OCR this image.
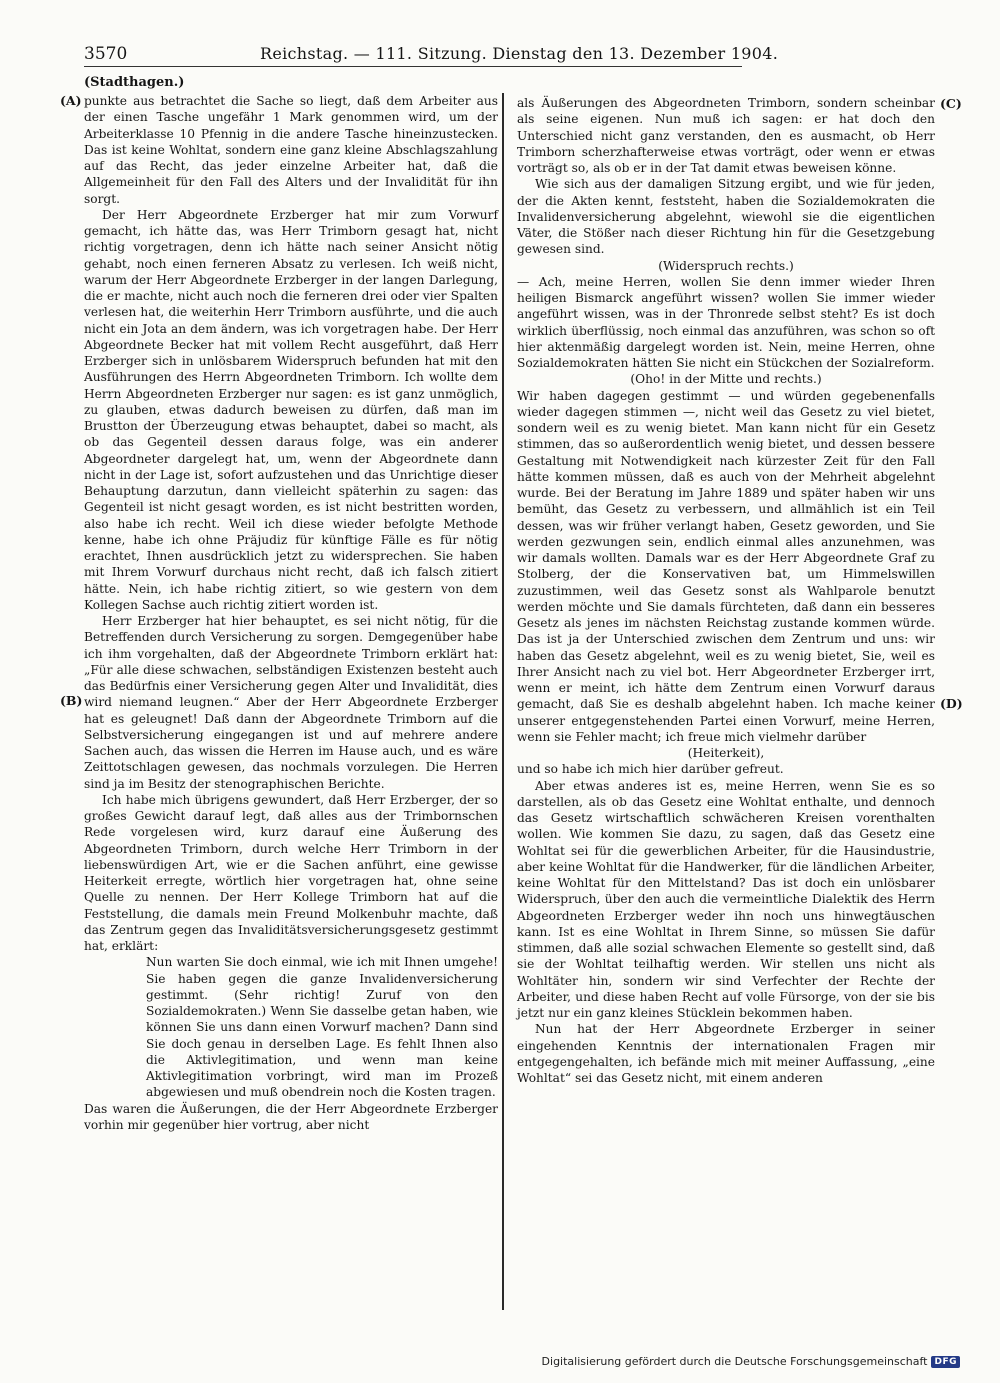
3570	Reichstag. — 111. Sitzung. Dienstag den 13. Dezember 1904.
(Stadthagen.)
(A)
(B)
(C)
(D)

punkte aus betrachtet die Sache so liegt, daß dem Arbeiter aus der einen Tasche ungefähr 1 Mark genommen wird, um der Arbeiterklasse 10 Pfennig in die andere Tasche hineinzustecken. Das ist keine Wohltat, sondern eine ganz kleine Abschlagszahlung auf das Recht, das jeder einzelne Arbeiter hat, daß die Allgemeinheit für den Fall des Alters und der Invalidität für ihn sorgt.

Der Herr Abgeordnete Erzberger hat mir zum Vorwurf gemacht, ich hätte das, was Herr Trimborn gesagt hat, nicht richtig vorgetragen, denn ich hätte nach seiner Ansicht nötig gehabt, noch einen ferneren Absatz zu verlesen. Ich weiß nicht, warum der Herr Abgeordnete Erzberger in der langen Darlegung, die er machte, nicht auch noch die ferneren drei oder vier Spalten verlesen hat, die weiterhin Herr Trimborn ausführte, und die auch nicht ein Jota an dem ändern, was ich vorgetragen habe. Der Herr Abgeordnete Becker hat mit vollem Recht ausgeführt, daß Herr Erzberger sich in unlösbarem Widerspruch befunden hat mit den Ausführungen des Herrn Abgeordneten Trimborn. Ich wollte dem Herrn Abgeordneten Erzberger nur sagen: es ist ganz unmöglich, zu glauben, etwas dadurch beweisen zu dürfen, daß man im Brustton der Überzeugung etwas behauptet, dabei so macht, als ob das Gegenteil dessen daraus folge, was ein anderer Abgeordneter dargelegt hat, um, wenn der Abgeordnete dann nicht in der Lage ist, sofort aufzustehen und das Unrichtige dieser Behauptung darzutun, dann vielleicht späterhin zu sagen: das Gegenteil ist nicht gesagt worden, es ist nicht bestritten worden, also habe ich recht. Weil ich diese wieder befolgte Methode kenne, habe ich ohne Präjudiz für künftige Fälle es für nötig erachtet, Ihnen ausdrücklich jetzt zu widersprechen. Sie haben mit Ihrem Vorwurf durchaus nicht recht, daß ich falsch zitiert hätte. Nein, ich habe richtig zitiert, so wie gestern von dem Kollegen Sachse auch richtig zitiert worden ist.

Herr Erzberger hat hier behauptet, es sei nicht nötig, für die Betreffenden durch Versicherung zu sorgen. Demgegenüber habe ich ihm vorgehalten, daß der Abgeordnete Trimborn erklärt hat: „Für alle diese schwachen, selbständigen Existenzen besteht auch das Bedürfnis einer Versicherung gegen Alter und Invalidität, dies wird niemand leugnen.“ Aber der Herr Abgeordnete Erzberger hat es geleugnet! Daß dann der Abgeordnete Trimborn auf die Selbstversicherung eingegangen ist und auf mehrere andere Sachen auch, das wissen die Herren im Hause auch, und es wäre Zeittotschlagen gewesen, das nochmals vorzulegen. Die Herren sind ja im Besitz der stenographischen Berichte.

Ich habe mich übrigens gewundert, daß Herr Erzberger, der so großes Gewicht darauf legt, daß alles aus der Trimbornschen Rede vorgelesen wird, kurz darauf eine Äußerung des Abgeordneten Trimborn, durch welche Herr Trimborn in der liebenswürdigen Art, wie er die Sachen anführt, eine gewisse Heiterkeit erregte, wörtlich hier vorgetragen hat, ohne seine Quelle zu nennen. Der Herr Kollege Trimborn hat auf die Feststellung, die damals mein Freund Molkenbuhr machte, daß das Zentrum gegen das Invaliditätsversicherungsgesetz gestimmt hat, erklärt:

Nun warten Sie doch einmal, wie ich mit Ihnen umgehe! Sie haben gegen die ganze Invalidenversicherung gestimmt. (Sehr richtig! Zuruf von den Sozialdemokraten.) Wenn Sie dasselbe getan haben, wie können Sie uns dann einen Vorwurf machen? Dann sind Sie doch genau in derselben Lage. Es fehlt Ihnen also die Aktivlegitimation, und wenn man keine Aktivlegitimation vorbringt, wird man im Prozeß abgewiesen und muß obendrein noch die Kosten tragen.

Das waren die Äußerungen, die der Herr Abgeordnete Erzberger vorhin mir gegenüber hier vortrug, aber nicht

als Äußerungen des Abgeordneten Trimborn, sondern scheinbar als seine eigenen. Nun muß ich sagen: er hat doch den Unterschied nicht ganz verstanden, den es ausmacht, ob Herr Trimborn scherzhafterweise etwas vorträgt, oder wenn er etwas vorträgt so, als ob er in der Tat damit etwas beweisen könne.

Wie sich aus der damaligen Sitzung ergibt, und wie für jeden, der die Akten kennt, feststeht, haben die Sozialdemokraten die Invalidenversicherung abgelehnt, wiewohl sie die eigentlichen Väter, die Stößer nach dieser Richtung hin für die Gesetzgebung gewesen sind.

(Widerspruch rechts.)

— Ach, meine Herren, wollen Sie denn immer wieder Ihren heiligen Bismarck angeführt wissen? wollen Sie immer wieder angeführt wissen, was in der Thronrede selbst steht? Es ist doch wirklich überflüssig, noch einmal das anzuführen, was schon so oft hier aktenmäßig dargelegt worden ist. Nein, meine Herren, ohne Sozialdemokraten hätten Sie nicht ein Stückchen der Sozialreform.

(Oho! in der Mitte und rechts.)

Wir haben dagegen gestimmt — und würden gegebenenfalls wieder dagegen stimmen —, nicht weil das Gesetz zu viel bietet, sondern weil es zu wenig bietet. Man kann nicht für ein Gesetz stimmen, das so außerordentlich wenig bietet, und dessen bessere Gestaltung mit Notwendigkeit nach kürzester Zeit für den Fall hätte kommen müssen, daß es auch von der Mehrheit abgelehnt wurde. Bei der Beratung im Jahre 1889 und später haben wir uns bemüht, das Gesetz zu verbessern, und allmählich ist ein Teil dessen, was wir früher verlangt haben, Gesetz geworden, und Sie werden gezwungen sein, endlich einmal alles anzunehmen, was wir damals wollten. Damals war es der Herr Abgeordnete Graf zu Stolberg, der die Konservativen bat, um Himmelswillen zuzustimmen, weil das Gesetz sonst als Wahlparole benutzt werden möchte und Sie damals fürchteten, daß dann ein besseres Gesetz als jenes im nächsten Reichstag zustande kommen würde. Das ist ja der Unterschied zwischen dem Zentrum und uns: wir haben das Gesetz abgelehnt, weil es zu wenig bietet, Sie, weil es Ihrer Ansicht nach zu viel bot. Herr Abgeordneter Erzberger irrt, wenn er meint, ich hätte dem Zentrum einen Vorwurf daraus gemacht, daß Sie es deshalb abgelehnt haben. Ich mache keiner unserer entgegenstehenden Partei einen Vorwurf, meine Herren, wenn sie Fehler macht; ich freue mich vielmehr darüber

(Heiterkeit),

und so habe ich mich hier darüber gefreut.

Aber etwas anderes ist es, meine Herren, wenn Sie es so darstellen, als ob das Gesetz eine Wohltat enthalte, und dennoch das Gesetz wirtschaftlich schwächeren Kreisen vorenthalten wollen. Wie kommen Sie dazu, zu sagen, daß das Gesetz eine Wohltat sei für die gewerblichen Arbeiter, für die Hausindustrie, aber keine Wohltat für die Handwerker, für die ländlichen Arbeiter, keine Wohltat für den Mittelstand? Das ist doch ein unlösbarer Widerspruch, über den auch die vermeintliche Dialektik des Herrn Abgeordneten Erzberger weder ihn noch uns hinwegtäuschen kann. Ist es eine Wohltat in Ihrem Sinne, so müssen Sie dafür stimmen, daß alle sozial schwachen Elemente so gestellt sind, daß sie der Wohltat teilhaftig werden. Wir stellen uns nicht als Wohltäter hin, sondern wir sind Verfechter der Rechte der Arbeiter, und diese haben Recht auf volle Fürsorge, von der sie bis jetzt nur ein ganz kleines Stücklein bekommen haben.

Nun hat der Herr Abgeordnete Erzberger in seiner eingehenden Kenntnis der internationalen Fragen mir entgegengehalten, ich befände mich mit meiner Auffassung, „eine Wohltat“ sei das Gesetz nicht, mit einem anderen

Digitalisierung gefördert durch die Deutsche Forschungsgemeinschaft DFG
